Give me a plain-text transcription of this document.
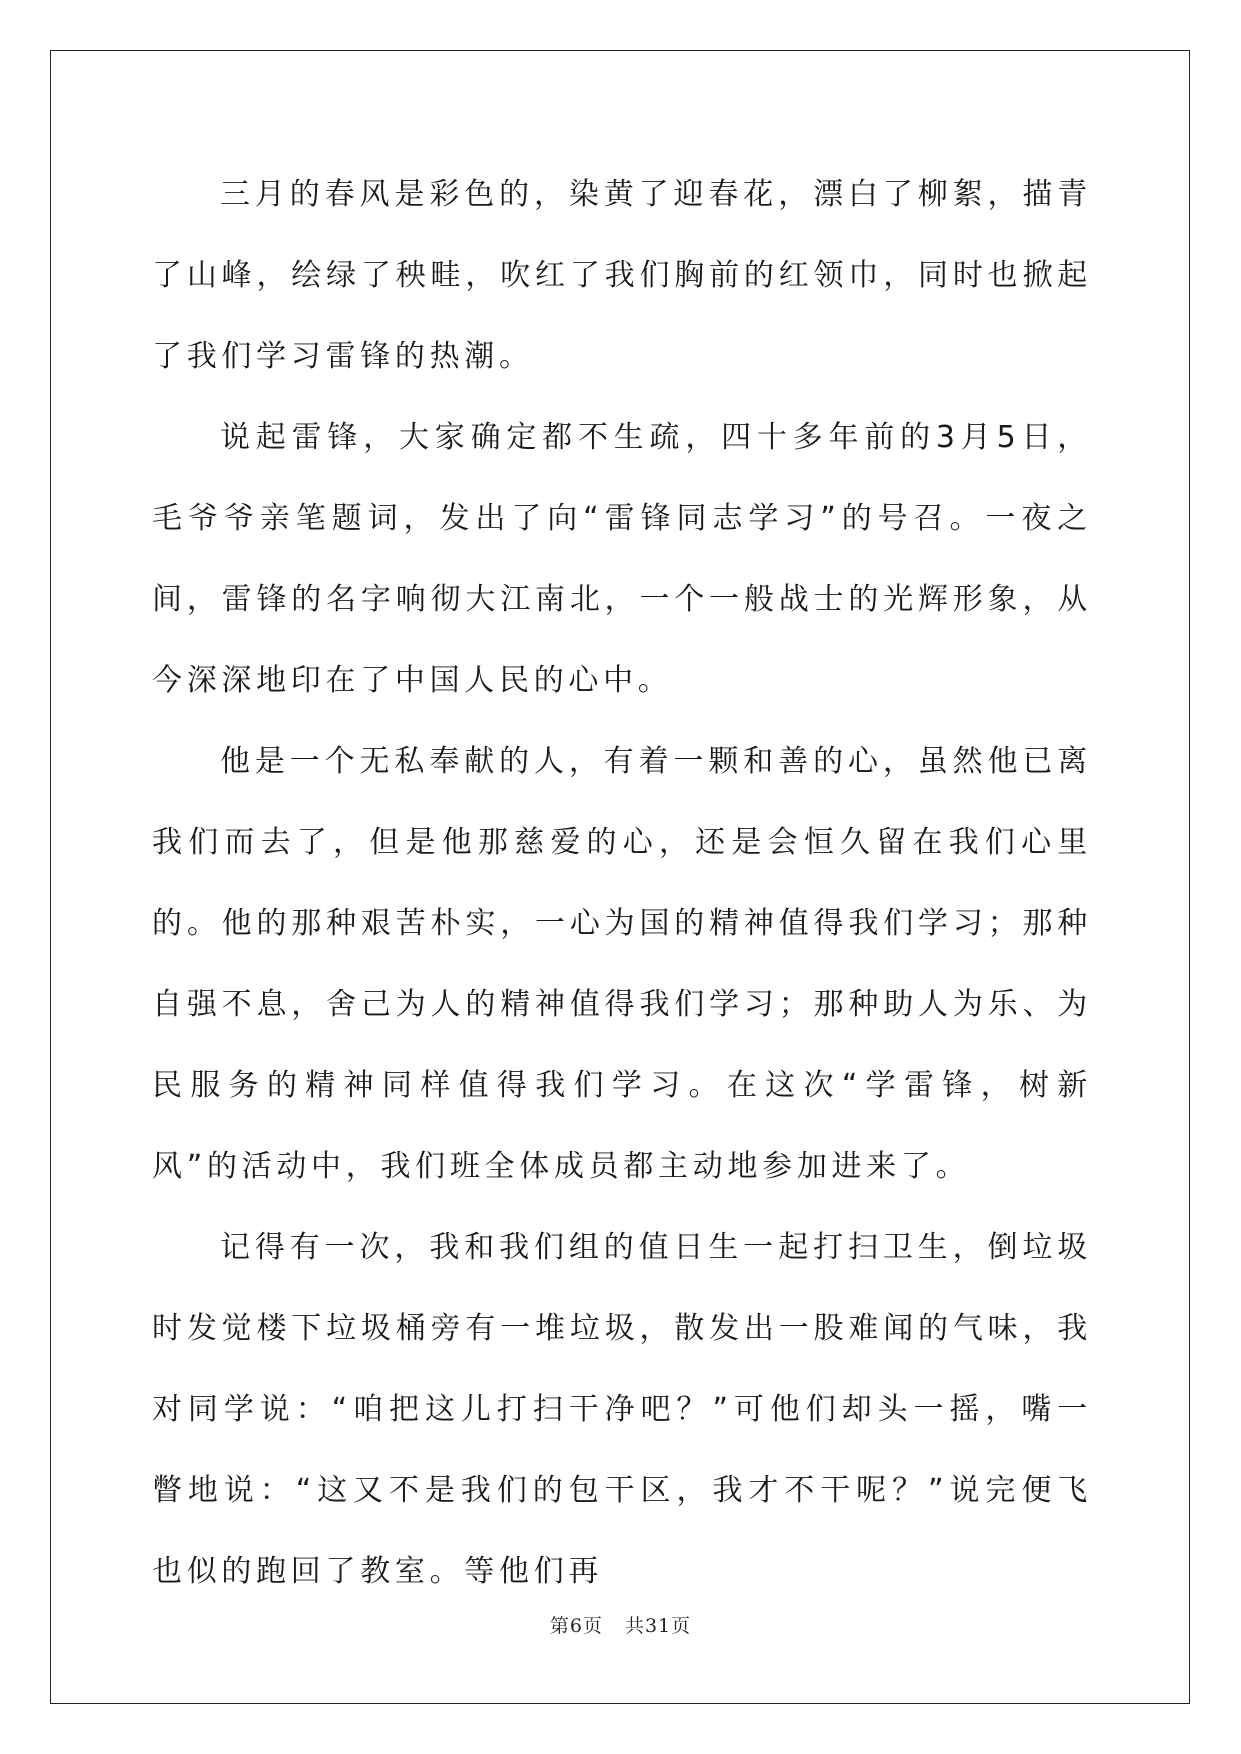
三月的春风是彩色的，染黄了迎春花，漂白了柳絮，描青了山峰，绘绿了秧畦，吹红了我们胸前的红领巾，同时也掀起了我们学习雷锋的热潮。

说起雷锋，大家确定都不生疏，四十多年前的3月5日，毛爷爷亲笔题词，发出了向“雷锋同志学习”的号召。一夜之间，雷锋的名字响彻大江南北，一个一般战士的光辉形象，从今深深地印在了中国人民的心中。

他是一个无私奉献的人，有着一颗和善的心，虽然他已离我们而去了，但是他那慈爱的心，还是会恒久留在我们心里的。他的那种艰苦朴实，一心为国的精神值得我们学习；那种自强不息，舍己为人的精神值得我们学习；那种助人为乐、为民服务的精神同样值得我们学习。在这次“学雷锋，树新风”的活动中，我们班全体成员都主动地参加进来了。

记得有一次，我和我们组的值日生一起打扫卫生，倒垃圾时发觉楼下垃圾桶旁有一堆垃圾，散发出一股难闻的气味，我对同学说：“咱把这儿打扫干净吧？”可他们却头一摇，嘴一瞥地说：“这又不是我们的包干区，我才不干呢？”说完便飞也似的跑回了教室。等他们再

第6页 共31页
